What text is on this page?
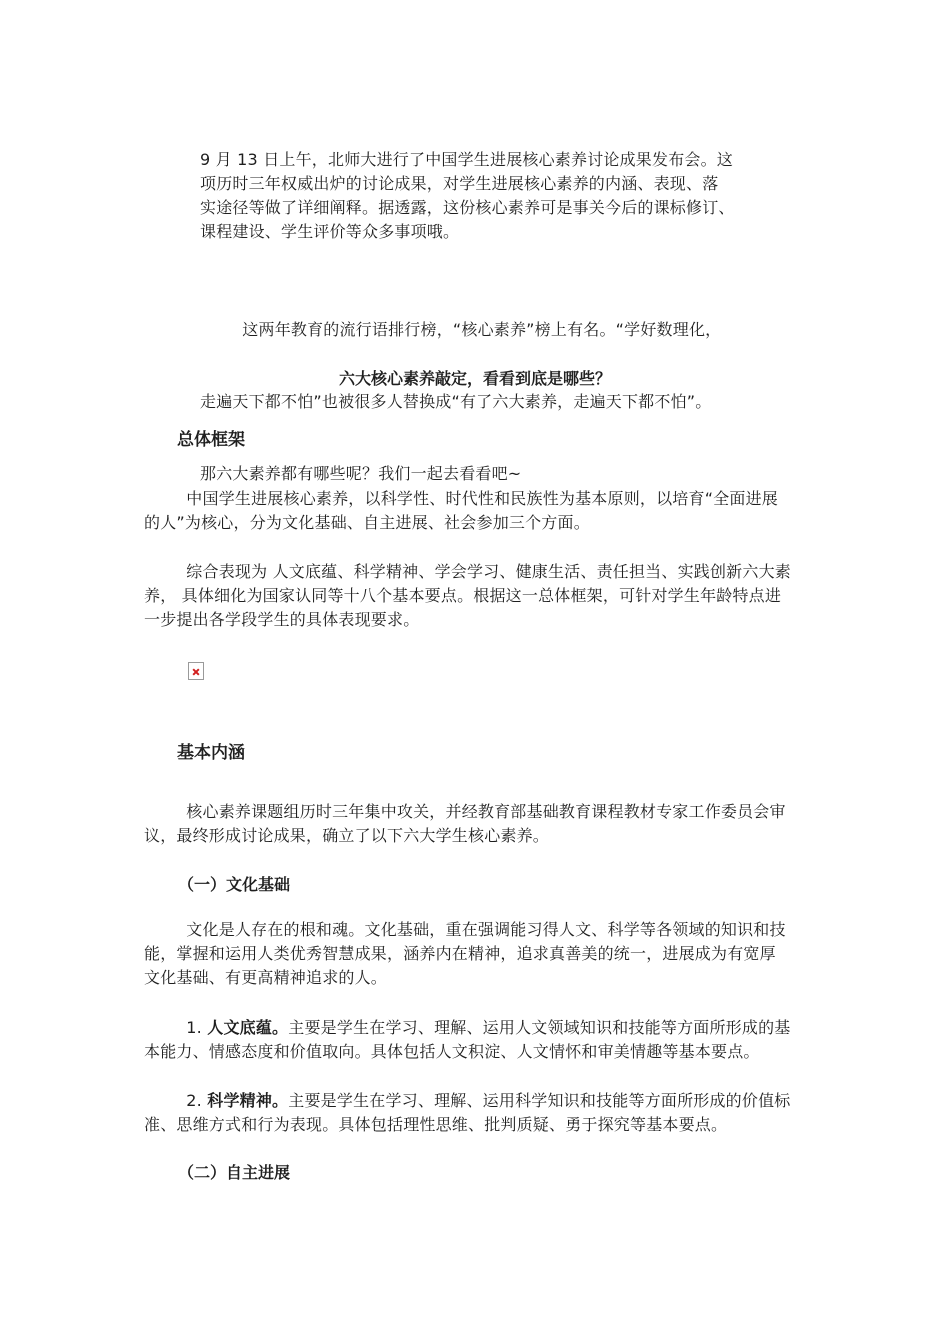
9 月 13 日上午，北师大进行了中国学生进展核心素养讨论成果发布会。这
项历时三年权威出炉的讨论成果，对学生进展核心素养的内涵、表现、落
实途径等做了详细阐释。据透露，这份核心素养可是事关今后的课标修订、
课程建设、学生评价等众多事项哦。

这两年教育的流行语排行榜，“核心素养”榜上有名。“学好数理化，

走遍天下都不怕”也被很多人替换成“有了六大素养，走遍天下都不怕”。

那六大素养都有哪些呢？我们一起去看看吧~

六大核心素养敲定，看看到底是哪些？

总体框架

中国学生进展核心素养，以科学性、时代性和民族性为基本原则，以培育“全面进展
的人”为核心，分为文化基础、自主进展、社会参加三个方面。
综合表现为 人文底蕴、科学精神、学会学习、健康生活、责任担当、实践创新六大素
养， 具体细化为国家认同等十八个基本要点。根据这一总体框架，可针对学生年龄特点进
一步提出各学段学生的具体表现要求。

基本内涵

核心素养课题组历时三年集中攻关，并经教育部基础教育课程教材专家工作委员会审
议，最终形成讨论成果，确立了以下六大学生核心素养。

（一）文化基础

文化是人存在的根和魂。文化基础，重在强调能习得人文、科学等各领域的知识和技
能，掌握和运用人类优秀智慧成果，涵养内在精神，追求真善美的统一，进展成为有宽厚
文化基础、有更高精神追求的人。
1. 人文底蕴。主要是学生在学习、理解、运用人文领域知识和技能等方面所形成的基
本能力、情感态度和价值取向。具体包括人文积淀、人文情怀和审美情趣等基本要点。
2. 科学精神。主要是学生在学习、理解、运用科学知识和技能等方面所形成的价值标
准、思维方式和行为表现。具体包括理性思维、批判质疑、勇于探究等基本要点。

（二）自主进展
